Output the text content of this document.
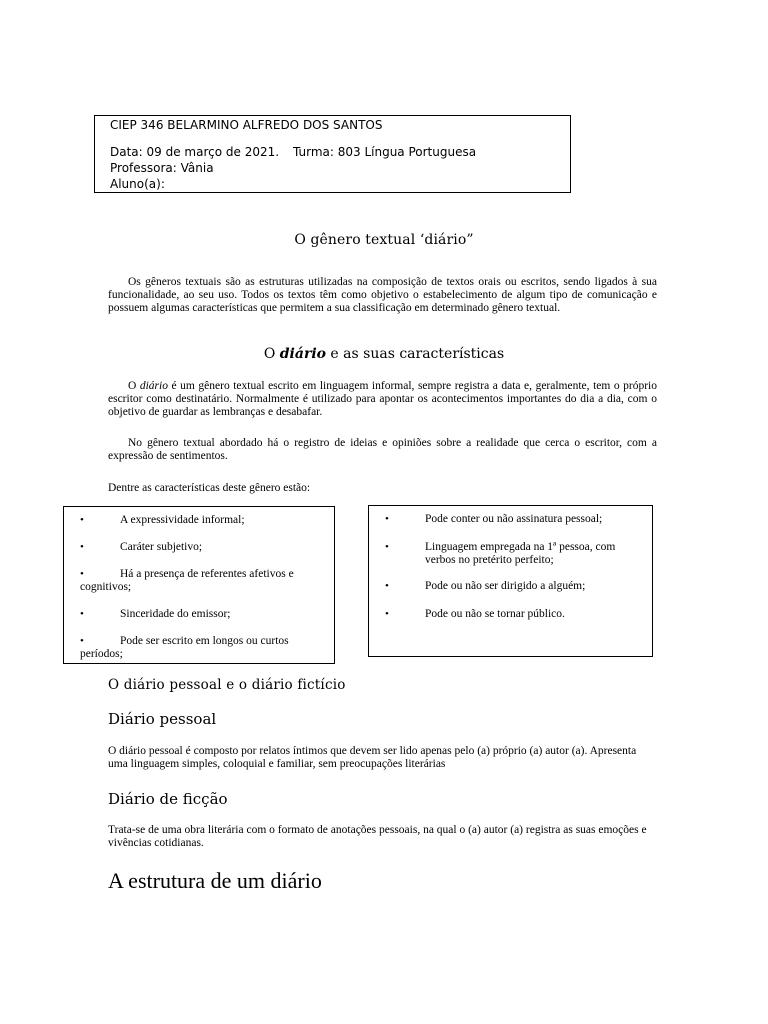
CIEP 346 BELARMINO ALFREDO DOS SANTOS
Data: 09 de março de 2021. Turma: 803 Língua Portuguesa
Professora: Vânia
Aluno(a):
O gênero textual ‘diário”
Os gêneros textuais são as estruturas utilizadas na composição de textos orais ou escritos, sendo ligados à sua funcionalidade, ao seu uso. Todos os textos têm como objetivo o estabelecimento de algum tipo de comunicação e possuem algumas características que permitem a sua classificação em determinado gênero textual.
O diário e as suas características
O diário é um gênero textual escrito em linguagem informal, sempre registra a data e, geralmente, tem o próprio escritor como destinatário. Normalmente é utilizado para apontar os acontecimentos importantes do dia a dia, com o objetivo de guardar as lembranças e desabafar.
No gênero textual abordado há o registro de ideias e opiniões sobre a realidade que cerca o escritor, com a expressão de sentimentos.
Dentre as características deste gênero estão:
•	A expressividade informal;
•	Caráter subjetivo;
•	Há a presença de referentes afetivos e cognitivos;
•	Sinceridade do emissor;
•	Pode ser escrito em longos ou curtos períodos;
•	Pode conter ou não assinatura pessoal;
•	Linguagem empregada na 1ª pessoa, com verbos no pretérito perfeito;
•	Pode ou não ser dirigido a alguém;
•	Pode ou não se tornar público.
O diário pessoal e o diário fictício
Diário pessoal
O diário pessoal é composto por relatos íntimos que devem ser lido apenas pelo (a) próprio (a) autor (a). Apresenta uma linguagem simples, coloquial e familiar, sem preocupações literárias
Diário de ficção
Trata-se de uma obra literária com o formato de anotações pessoais, na qual o (a) autor (a) registra as suas emoções e vivências cotidianas.
A estrutura de um diário
